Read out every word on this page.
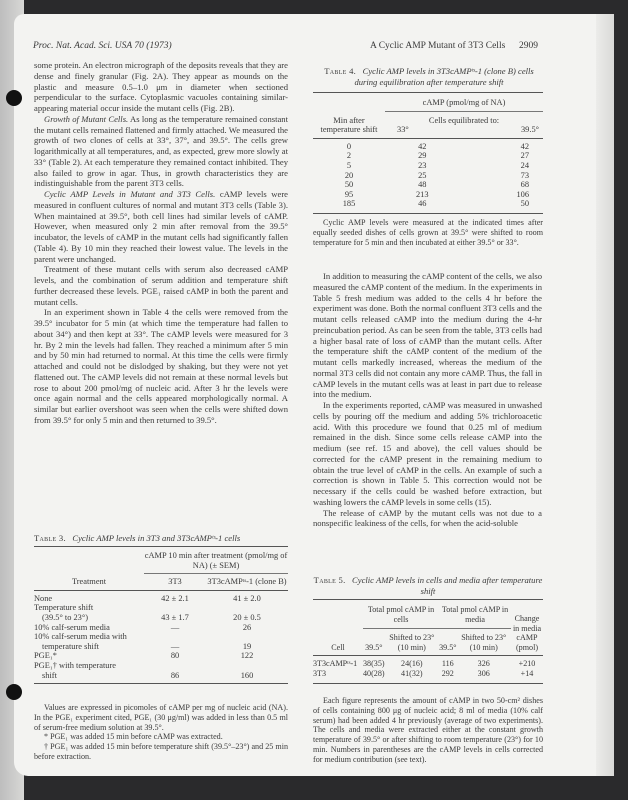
Proc. Nat. Acad. Sci. USA 70 (1973)	A Cyclic AMP Mutant of 3T3 Cells 2909

some protein. An electron micrograph of the deposits reveals that they are dense and finely granular (Fig. 2A). They appear as mounds on the plastic and measure 0.5–1.0 μm in diameter when sectioned perpendicular to the surface. Cytoplasmic vacuoles containing similar-appearing material occur inside the mutant cells (Fig. 2B).

Growth of Mutant Cells. As long as the temperature remained constant the mutant cells remained flattened and firmly attached. We measured the growth of two clones of cells at 33°, 37°, and 39.5°. The cells grew logarithmically at all temperatures, and, as expected, grew more slowly at 33° (Table 2). At each temperature they remained contact inhibited. They also failed to grow in agar. Thus, in growth characteristics they are indistinguishable from the parent 3T3 cells.

Cyclic AMP Levels in Mutant and 3T3 Cells. cAMP levels were measured in confluent cultures of normal and mutant 3T3 cells (Table 3). When maintained at 39.5°, both cell lines had similar levels of cAMP. However, when measured only 2 min after removal from the 39.5° incubator, the levels of cAMP in the mutant cells had significantly fallen (Table 4). By 10 min they reached their lowest value. The levels in the parent were unchanged.

Treatment of these mutant cells with serum also decreased cAMP levels, and the combination of serum addition and temperature shift further decreased these levels. PGE₁ raised cAMP in both the parent and mutant cells.

In an experiment shown in Table 4 the cells were removed from the 39.5° incubator for 5 min (at which time the temperature had fallen to about 34°) and then kept at 33°. The cAMP levels were measured for 3 hr. By 2 min the levels had fallen. They reached a minimum after 5 min and by 50 min had returned to normal. At this time the cells were firmly attached and could not be dislodged by shaking, but they were not yet flattened out. The cAMP levels did not remain at these normal levels but rose to about 200 pmol/mg of nucleic acid. After 3 hr the levels were once again normal and the cells appeared morphologically normal. A similar but earlier overshoot was seen when the cells were shifted down from 39.5° for only 5 min and then returned to 39.5°.

Table 3. Cyclic AMP levels in 3T3 and 3T3cAMPᵗˢ-1 cells
	cAMP 10 min after treatment (pmol/mg of NA) (± SEM)	
Treatment	3T3	3T3cAMPᵗˢ-1 (clone B)
None	42 ± 2.1	41 ± 2.0
Temperature shift		
(39.5° to 23°)	43 ± 1.7	20 ± 0.5
10% calf-serum media	—	26
10% calf-serum media with		
temperature shift	—	19
PGE₁*	80	122
PGE₁† with temperature		
shift	86	160

Values are expressed in picomoles of cAMP per mg of nucleic acid (NA). In the PGE₁ experiment cited, PGE₁ (30 μg/ml) was added in less than 0.5 ml of serum-free medium solution at 39.5°.

* PGE₁ was added 15 min before cAMP was extracted.

† PGE₁ was added 15 min before temperature shift (39.5°–23°) and 25 min before extraction.

Table 4. Cyclic AMP levels in 3T3cAMPᵗˢ-1 (clone B) cells during equilibration after temperature shift
Min after temperature shift	cAMP (pmol/mg of NA)	
	Cells equilibrated to:	
	33°	39.5°
0	42	42
2	29	27
5	23	24
20	25	73
50	48	68
95	213	106
185	46	50

Cyclic AMP levels were measured at the indicated times after equally seeded dishes of cells grown at 39.5° were shifted to room temperature for 5 min and then incubated at either 39.5° or 33°.

In addition to measuring the cAMP content of the cells, we also measured the cAMP content of the medium. In the experiments in Table 5 fresh medium was added to the cells 4 hr before the experiment was done. Both the normal confluent 3T3 cells and the mutant cells released cAMP into the medium during the 4-hr preincubation period. As can be seen from the table, 3T3 cells had a higher basal rate of loss of cAMP than the mutant cells. After the temperature shift the cAMP content of the medium of the mutant cells markedly increased, whereas the medium of the normal 3T3 cells did not contain any more cAMP. Thus, the fall in cAMP levels in the mutant cells was at least in part due to release into the medium.

In the experiments reported, cAMP was measured in unwashed cells by pouring off the medium and adding 5% trichloroacetic acid. With this procedure we found that 0.25 ml of medium remained in the dish. Since some cells release cAMP into the medium (see ref. 15 and above), the cell values should be corrected for the cAMP present in the remaining medium to obtain the true level of cAMP in the cells. An example of such a correction is shown in Table 5. This correction would not be necessary if the cells could be washed before extraction, but washing lowers the cAMP levels in some cells (15).

The release of cAMP by the mutant cells was not due to a nonspecific leakiness of the cells, for when the acid-soluble

Table 5. Cyclic AMP levels in cells and media after temperature shift
Cell	Total pmol cAMP in cells		Total pmol cAMP in media		Change in media cAMP (pmol)
	39.5°	Shifted to 23° (10 min)	39.5°	Shifted to 23° (10 min)	
3T3cAMPᵗˢ-1	38(35)	24(16)	116	326	+210
3T3	40(28)	41(32)	292	306	+14

Each figure represents the amount of cAMP in two 50-cm² dishes of cells containing 800 μg of nucleic acid; 8 ml of media (10% calf serum) had been added 4 hr previously (average of two experiments). The cells and media were extracted either at the constant growth temperature of 39.5° or after shifting to room temperature (23°) for 10 min. Numbers in parentheses are the cAMP levels in cells corrected for medium contribution (see text).
